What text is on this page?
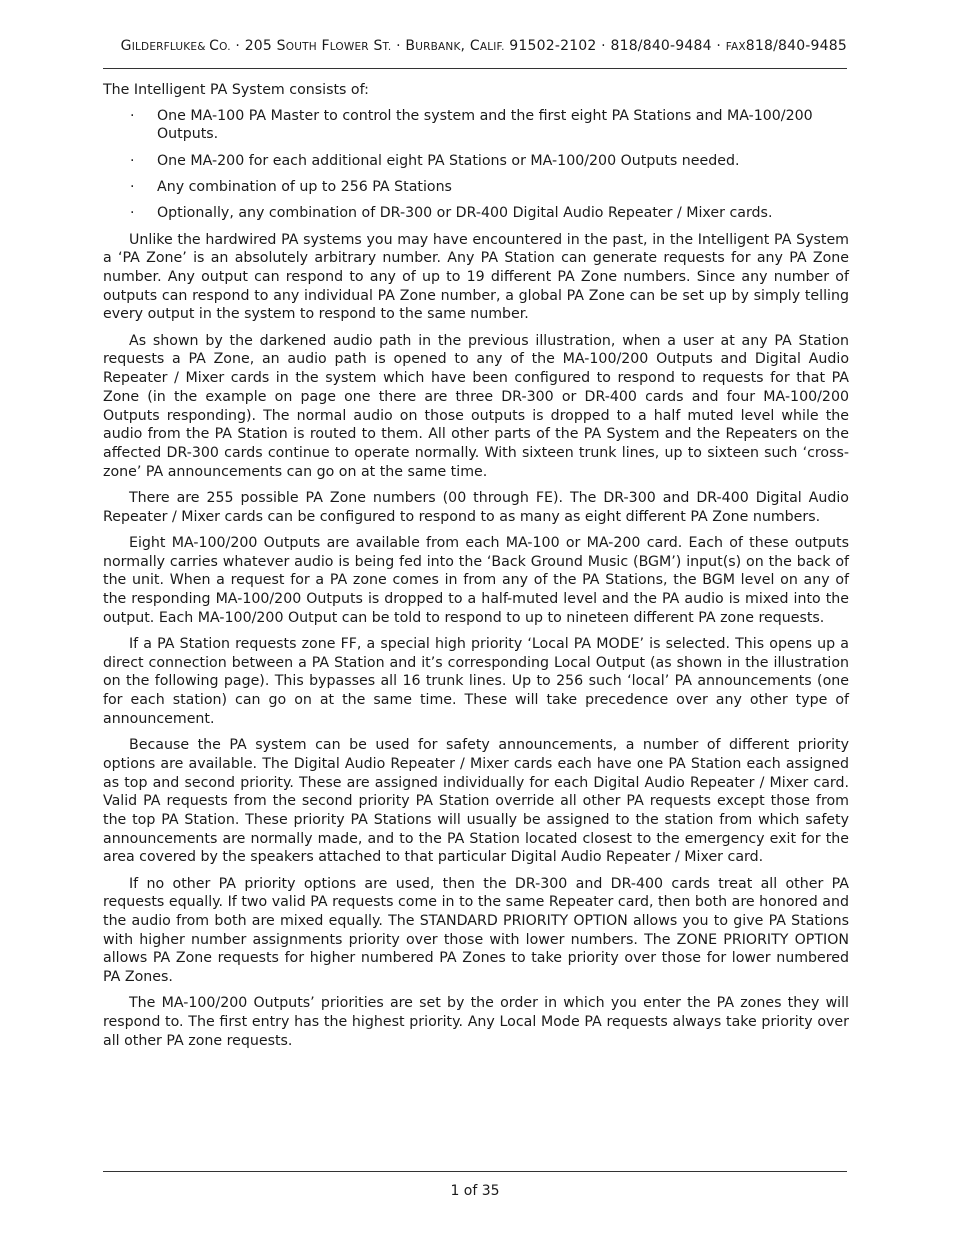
GILDERFLUKE& CO. · 205 SOUTH FLOWER ST. · BURBANK, CALIF. 91502-2102 · 818/840-9484 · FAX818/840-9485

The Intelligent PA System consists of:

· One MA-100 PA Master to control the system and the first eight PA Stations and MA-100/200 Outputs.
· One MA-200 for each additional eight PA Stations or MA-100/200 Outputs needed.
· Any combination of up to 256 PA Stations
· Optionally, any combination of DR-300 or DR-400 Digital Audio Repeater / Mixer cards.

Unlike the hardwired PA systems you may have encountered in the past, in the Intelligent PA System a ‘PA Zone’ is an absolutely arbitrary number. Any PA Station can generate requests for any PA Zone number. Any output can respond to any of up to 19 different PA Zone numbers. Since any number of outputs can respond to any individual PA Zone number, a global PA Zone can be set up by simply telling every output in the system to respond to the same number.

As shown by the darkened audio path in the previous illustration, when a user at any PA Station requests a PA Zone, an audio path is opened to any of the MA-100/200 Outputs and Digital Audio Repeater / Mixer cards in the system which have been configured to respond to requests for that PA Zone (in the example on page one there are three DR-300 or DR-400 cards and four MA-100/200 Outputs responding). The normal audio on those outputs is dropped to a half muted level while the audio from the PA Station is routed to them. All other parts of the PA System and the Repeaters on the affected DR-300 cards continue to operate normally. With sixteen trunk lines, up to sixteen such ‘cross-zone’ PA announcements can go on at the same time.

There are 255 possible PA Zone numbers (00 through FE). The DR-300 and DR-400 Digital Audio Repeater / Mixer cards can be configured to respond to as many as eight different PA Zone numbers.

Eight MA-100/200 Outputs are available from each MA-100 or MA-200 card. Each of these outputs normally carries whatever audio is being fed into the ‘Back Ground Music (BGM’) input(s) on the back of the unit. When a request for a PA zone comes in from any of the PA Stations, the BGM level on any of the responding MA-100/200 Outputs is dropped to a half-muted level and the PA audio is mixed into the output. Each MA-100/200 Output can be told to respond to up to nineteen different PA zone requests.

If a PA Station requests zone FF, a special high priority ‘Local PA MODE’ is selected. This opens up a direct connection between a PA Station and it’s corresponding Local Output (as shown in the illustration on the following page). This bypasses all 16 trunk lines. Up to 256 such ‘local’ PA announcements (one for each station) can go on at the same time. These will take precedence over any other type of announcement.

Because the PA system can be used for safety announcements, a number of different priority options are available. The Digital Audio Repeater / Mixer cards each have one PA Station each assigned as top and second priority. These are assigned individually for each Digital Audio Repeater / Mixer card. Valid PA requests from the second priority PA Station override all other PA requests except those from the top PA Station. These priority PA Stations will usually be assigned to the station from which safety announcements are normally made, and to the PA Station located closest to the emergency exit for the area covered by the speakers attached to that particular Digital Audio Repeater / Mixer card.

If no other PA priority options are used, then the DR-300 and DR-400 cards treat all other PA requests equally. If two valid PA requests come in to the same Repeater card, then both are honored and the audio from both are mixed equally. The STANDARD PRIORITY OPTION allows you to give PA Stations with higher number assignments priority over those with lower numbers. The ZONE PRIORITY OPTION allows PA Zone requests for higher numbered PA Zones to take priority over those for lower numbered PA Zones.

The MA-100/200 Outputs’ priorities are set by the order in which you enter the PA zones they will respond to. The first entry has the highest priority. Any Local Mode PA requests always take priority over all other PA zone requests.

1 of 35
